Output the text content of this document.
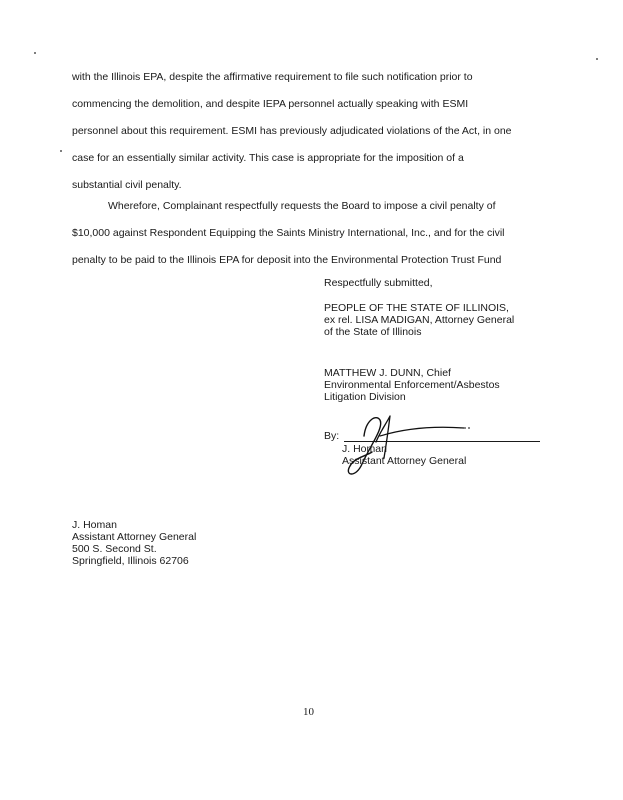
with the Illinois EPA, despite the affirmative requirement to file such notification prior to
commencing the demolition, and despite IEPA personnel actually speaking with ESMI
personnel about this requirement. ESMI has previously adjudicated violations of the Act, in one
case for an essentially similar activity. This case is appropriate for the imposition of a
substantial civil penalty.
Wherefore, Complainant respectfully requests the Board to impose a civil penalty of
$10,000 against Respondent Equipping the Saints Ministry International, Inc., and for the civil
penalty to be paid to the Illinois EPA for deposit into the Environmental Protection Trust Fund
Respectfully submitted,
PEOPLE OF THE STATE OF ILLINOIS,
ex rel. LISA MADIGAN, Attorney General
of the State of Illinois
MATTHEW J. DUNN, Chief
Environmental Enforcement/Asbestos
Litigation Division
By:
J. Homan
Assistant Attorney General
J. Homan
Assistant Attorney General
500 S. Second St.
Springfield, Illinois 62706
10
